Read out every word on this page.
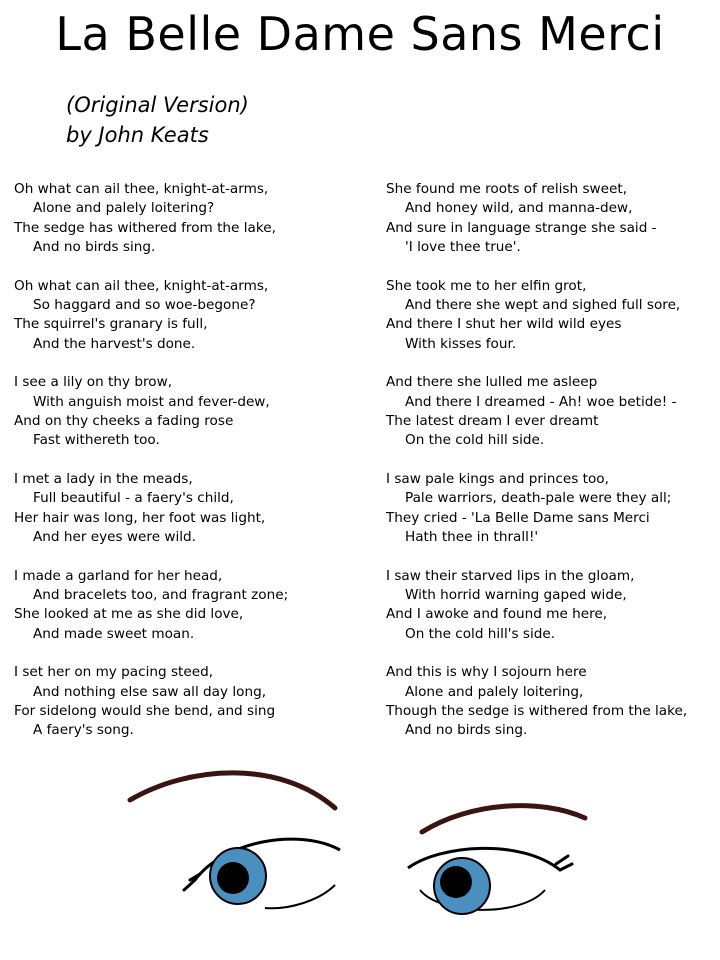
La Belle Dame Sans Merci
(Original Version)
by John Keats
Oh what can ail thee, knight-at-arms,
Alone and palely loitering?
The sedge has withered from the lake,
And no birds sing.
Oh what can ail thee, knight-at-arms,
So haggard and so woe-begone?
The squirrel's granary is full,
And the harvest's done.
I see a lily on thy brow,
With anguish moist and fever-dew,
And on thy cheeks a fading rose
Fast withereth too.
I met a lady in the meads,
Full beautiful - a faery's child,
Her hair was long, her foot was light,
And her eyes were wild.
I made a garland for her head,
And bracelets too, and fragrant zone;
She looked at me as she did love,
And made sweet moan.
I set her on my pacing steed,
And nothing else saw all day long,
For sidelong would she bend, and sing
A faery's song.
She found me roots of relish sweet,
And honey wild, and manna-dew,
And sure in language strange she said -
'I love thee true'.
She took me to her elfin grot,
And there she wept and sighed full sore,
And there I shut her wild wild eyes
With kisses four.
And there she lulled me asleep
And there I dreamed - Ah! woe betide! -
The latest dream I ever dreamt
On the cold hill side.
I saw pale kings and princes too,
Pale warriors, death-pale were they all;
They cried - 'La Belle Dame sans Merci
Hath thee in thrall!'
I saw their starved lips in the gloam,
With horrid warning gaped wide,
And I awoke and found me here,
On the cold hill's side.
And this is why I sojourn here
Alone and palely loitering,
Though the sedge is withered from the lake,
And no birds sing.
